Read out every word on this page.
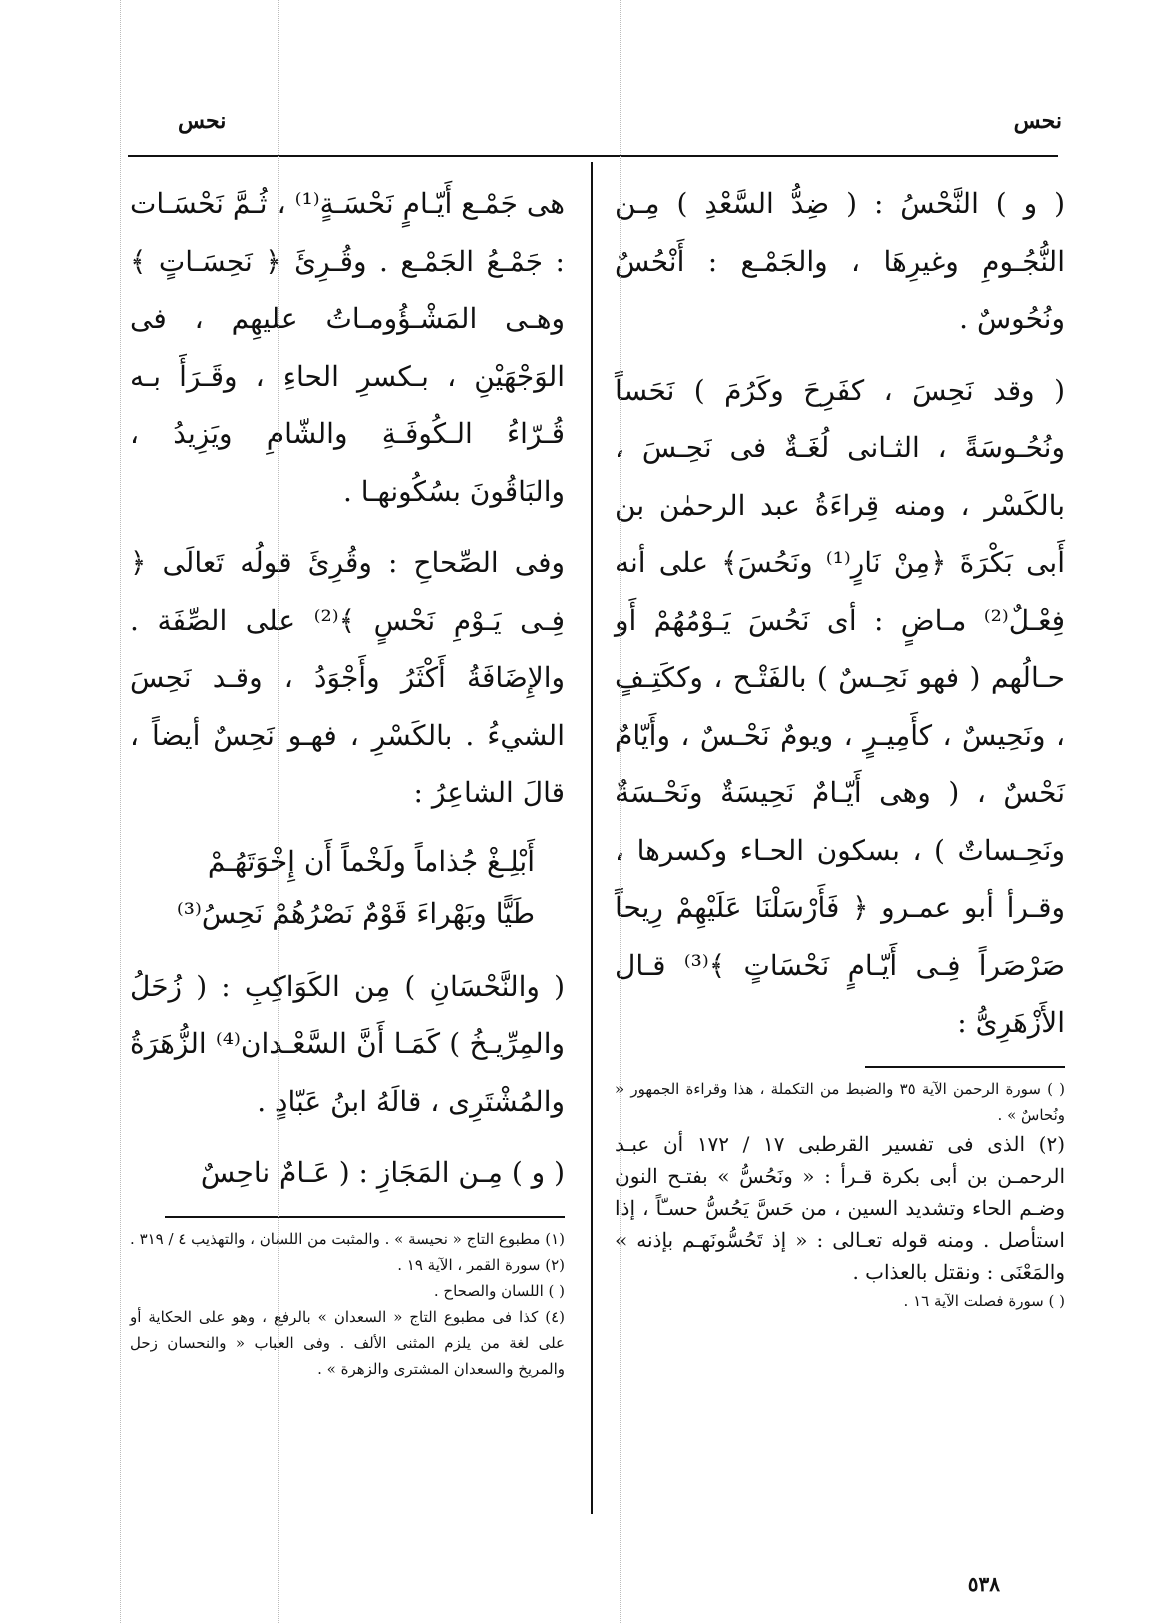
نحس
نحس

( و ) النَّحْسُ : ( ضِدُّ السَّعْدِ ) مِـن النُّجُـومِ وغيرِهَا ، والجَمْـع : أَنْحُسٌ ونُحُوسٌ .

( وقد نَحِسَ ، كفَرِحَ وكَرُمَ ) نَحَساً ونُحُـوسَةً ، الثـانى لُغَـةٌ فى نَحِـسَ ، بالكَسْر ، ومنه قِراءَةُ عبد الرحمٰن بن أَبى بَكْرَةَ ﴿مِنْ نَارٍ⁽¹⁾ ونَحُسَ﴾ على أنه فِعْـلٌ⁽²⁾ مـاضٍ : أى نَحُسَ يَـوْمُهُمْ أَو حـالُهم ( فهو نَحِـسٌ ) بالفَتْـح ، وككَتِـفٍ ، ونَحِيسٌ ، كأَمِيـرٍ ، ويومٌ نَحْـسٌ ، وأَيّامٌ نَحْسٌ ، ( وهى أَيّـامٌ نَحِيسَةٌ ونَحْـسَةٌ ونَحِـساتٌ ) ، بسكون الحـاء وكسرها ، وقـرأ أبو عمـرو ﴿ فَأَرْسَلْنَا عَلَيْهِمْ رِيحاً صَرْصَراً فِـى أَيّـامٍ نَحْسَاتٍ ﴾⁽³⁾ قـال الأَزْهَرِىُّ :

( ) سورة الرحمن الآية ٣٥ والضبط من التكملة ، هذا وقراءة الجمهور « ونُحاسٌ » .

(٢) الذى فى تفسير القرطبى ١٧ / ١٧٢ أن عبـد الرحمـن بن أبى بكرة قـرأ : « ونَحُسُّ » بفتـح النون وضـم الحاء وتشديد السين ، من حَسَّ يَحُسُّ حسـّاً ، إذا استأصل . ومنه قوله تعـالى : « إذ تَحُسُّونَهـم بإذنه » والمَعْنَى : ونقتل بالعذاب .

( ) سورة فصلت الآية ١٦ .

هى جَمْـع أَيّـامٍ نَحْسَـةٍ⁽¹⁾ ، ثُـمَّ نَحْسَـات : جَمْـعُ الجَمْـع . وقُـرِئَ ﴿ نَحِسَـاتٍ ﴾ وهـى المَشْـؤُومـاتُ عليهِم ، فى الوَجْهَيْنِ ، بـكسرِ الحاءِ ، وقَـرَأَ بـه قُـرّاءُ الـكُوفَـةِ والشّامِ ويَزِيدُ ، والبَاقُونَ بسُكُونهـا .

وفى الصِّحاحِ : وقُرِئَ قولُه تَعالَى ﴿ فِـى يَـوْمِ نَحْسٍ ﴾⁽²⁾ على الصِّفَة . والإِضَافَةُ أَكْثَرُ وأَجْوَدُ ، وقـد نَحِسَ الشيءُ . بالكَسْرِ ، فهـو نَحِسٌ أيضاً ، قالَ الشاعِرُ :

أَبْلِـغْ جُذاماً ولَخْماً أَن إِخْوَتَهُـمْ
طَيًّا وبَهْراءَ قَوْمٌ نَصْرُهُمْ نَحِسُ⁽³⁾

( والنَّحْسَانِ ) مِن الكَوَاكِبِ : ( زُحَلُ والمِرِّيـخُ ) كَمَـا أَنَّ السَّعْـدان⁽⁴⁾ الزُّهَرَةُ والمُشْتَرِى ، قالَهُ ابنُ عَبّادٍ .

( و ) مِـن المَجَازِ : ( عَـامٌ ناحِسٌ

(١) مطبوع التاج « نحيسة » . والمثبت من اللسان ، والتهذيب ٤ / ٣١٩ .

(٢) سورة القمر ، الآية ١٩ .

( ) اللسان والصحاح .

(٤) كذا فى مطبوع التاج « السعدان » بالرفع ، وهو على الحكاية أو على لغة من يلزم المثنى الألف . وفى العباب « والنحسان زحل والمريخ والسعدان المشترى والزهرة » .

٥٣٨
